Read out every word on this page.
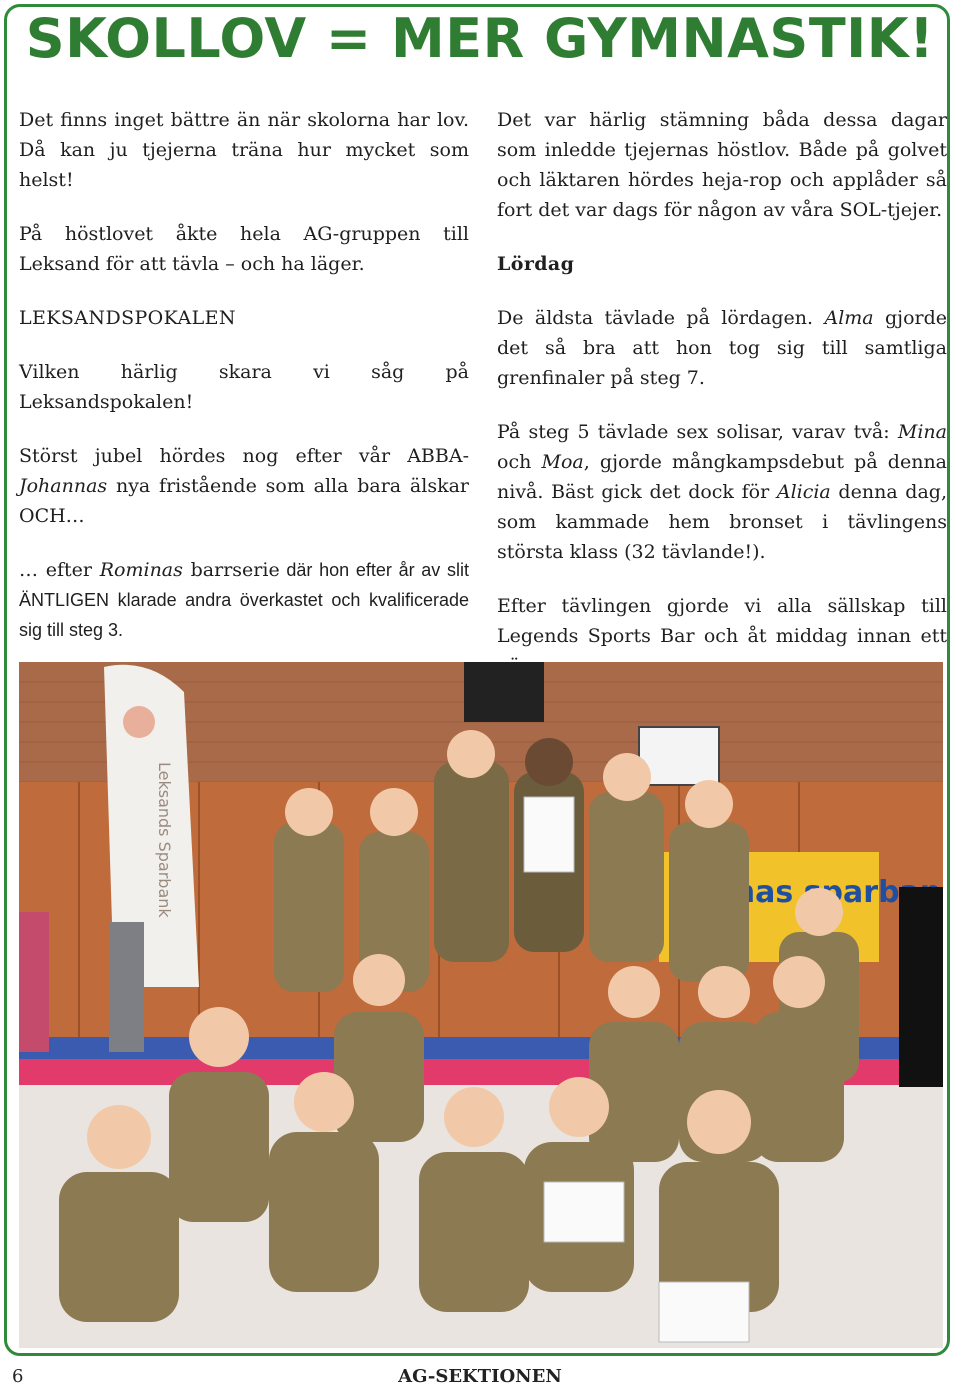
SKOLLOV = MER GYMNASTIK!

Det finns inget bättre än när skolorna har lov. Då kan ju tjejerna träna hur mycket som helst!

På höstlovet åkte hela AG-gruppen till Leksand för att tävla – och ha läger.

LEKSANDSPOKALEN

Vilken härlig skara vi såg på Leksandspokalen!

Störst jubel hördes nog efter vår ABBA-Johannas nya fristående som alla bara älskar OCH…

… efter Rominas barrserie där hon efter år av slit ÄNTLIGEN klarade andra överkastet och kvalificerade sig till steg 3.

Det var härlig stämning båda dessa dagar som inledde tjejernas höstlov. Både på golvet och läktaren hördes heja-rop och applåder så fort det var dags för någon av våra SOL-tjejer.

Lördag

De äldsta tävlade på lördagen. Alma gjorde det så bra att hon tog sig till samtliga grenfinaler på steg 7.

På steg 5 tävlade sex solisar, varav två: Mina och Moa, gjorde mångkampsdebut på denna nivå. Bäst gick det dock för Alicia denna dag, som kammade hem bronset i tävlingens största klass (32 tävlande!).

Efter tävlingen gjorde vi alla sällskap till Legends Sports Bar och åt middag innan ett

Leksands Sparbank	rnas sparba
6	AG-SEKTIONEN
